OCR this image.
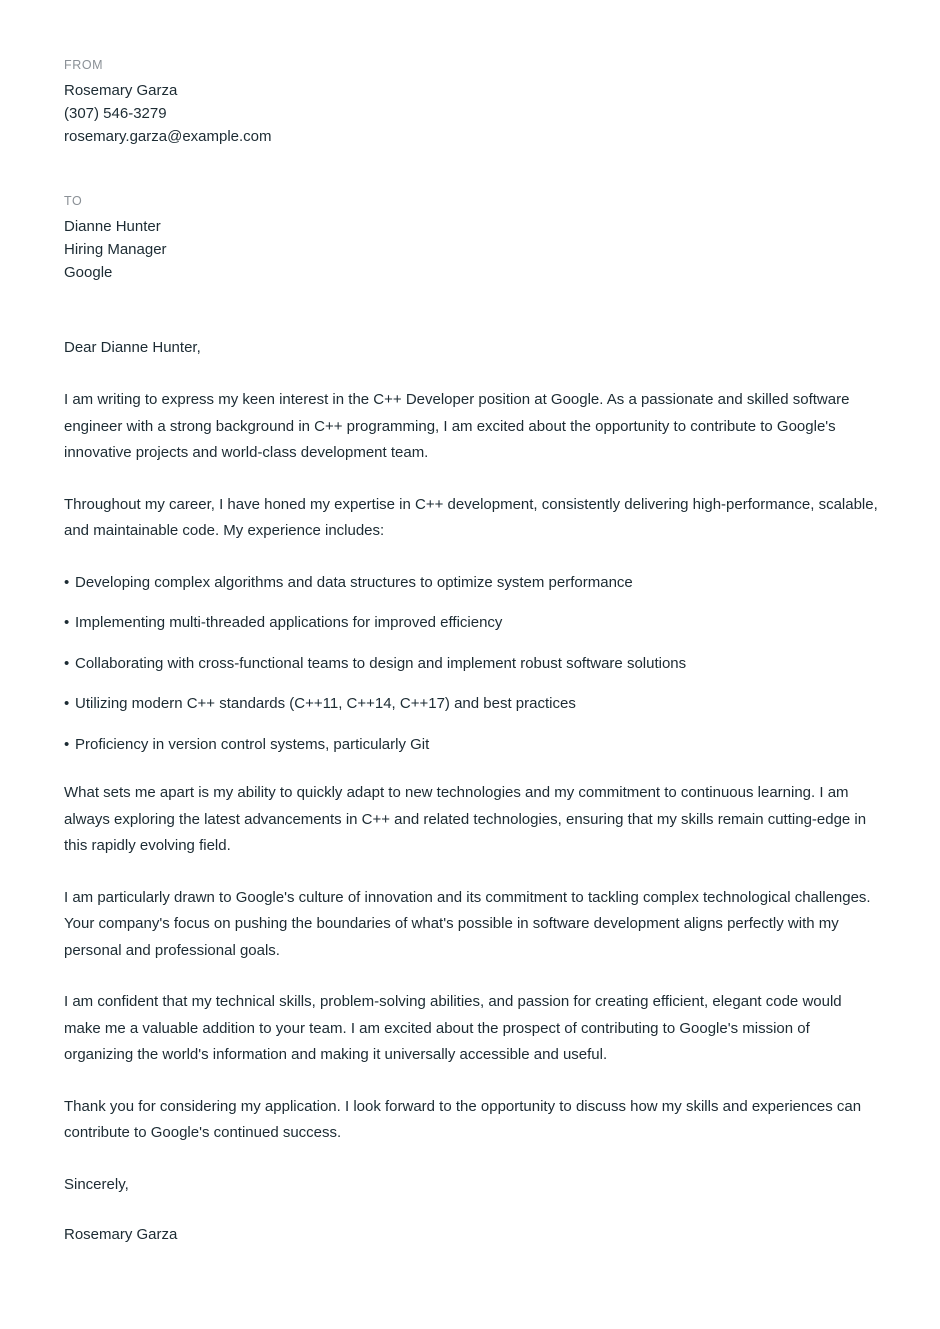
FROM
Rosemary Garza
(307) 546-3279
rosemary.garza@example.com
TO
Dianne Hunter
Hiring Manager
Google
Dear Dianne Hunter,

I am writing to express my keen interest in the C++ Developer position at Google. As a passionate and skilled software engineer with a strong background in C++ programming, I am excited about the opportunity to contribute to Google's innovative projects and world-class development team.

Throughout my career, I have honed my expertise in C++ development, consistently delivering high-performance, scalable, and maintainable code. My experience includes:

• Developing complex algorithms and data structures to optimize system performance
• Implementing multi-threaded applications for improved efficiency
• Collaborating with cross-functional teams to design and implement robust software solutions
• Utilizing modern C++ standards (C++11, C++14, C++17) and best practices
• Proficiency in version control systems, particularly Git

What sets me apart is my ability to quickly adapt to new technologies and my commitment to continuous learning. I am always exploring the latest advancements in C++ and related technologies, ensuring that my skills remain cutting-edge in this rapidly evolving field.

I am particularly drawn to Google's culture of innovation and its commitment to tackling complex technological challenges. Your company's focus on pushing the boundaries of what's possible in software development aligns perfectly with my personal and professional goals.

I am confident that my technical skills, problem-solving abilities, and passion for creating efficient, elegant code would make me a valuable addition to your team. I am excited about the prospect of contributing to Google's mission of organizing the world's information and making it universally accessible and useful.

Thank you for considering my application. I look forward to the opportunity to discuss how my skills and experiences can contribute to Google's continued success.

Sincerely,
Rosemary Garza
